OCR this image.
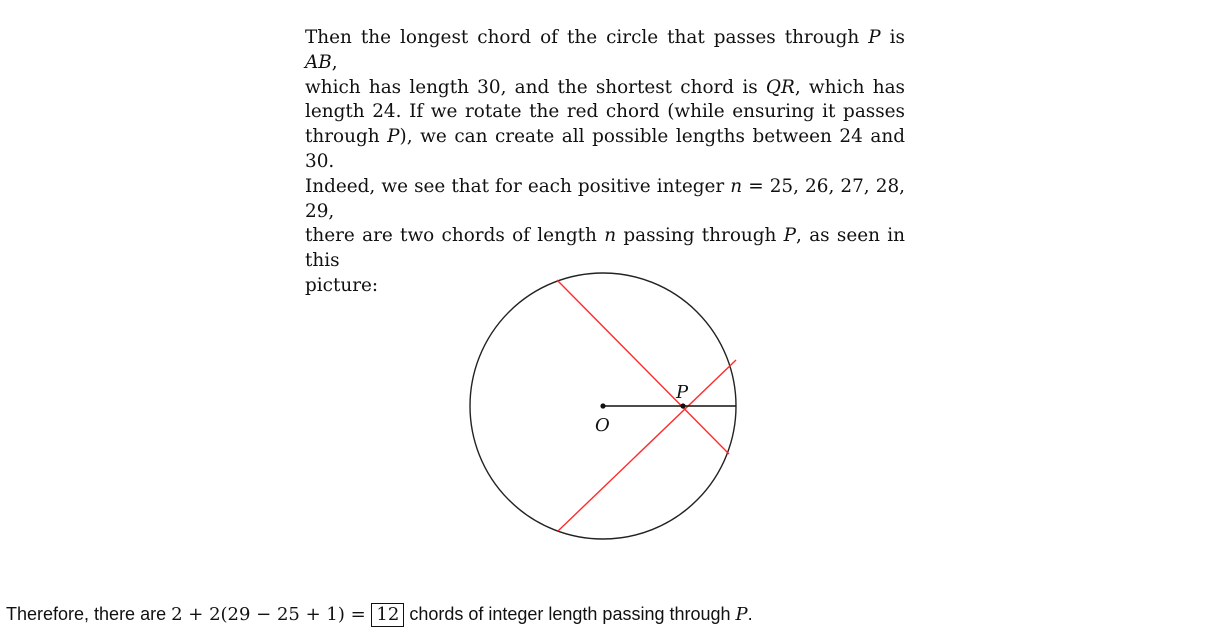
Then the longest chord of the circle that passes through P is AB,
which has length 30, and the shortest chord is QR, which has
length 24. If we rotate the red chord (while ensuring it passes
through P), we can create all possible lengths between 24 and 30.
Indeed, we see that for each positive integer n = 25, 26, 27, 28, 29,
there are two chords of length n passing through P, as seen in this
picture:
P
O
Therefore, there are 2 + 2(29 − 25 + 1) = 12 chords of integer length passing through P.
